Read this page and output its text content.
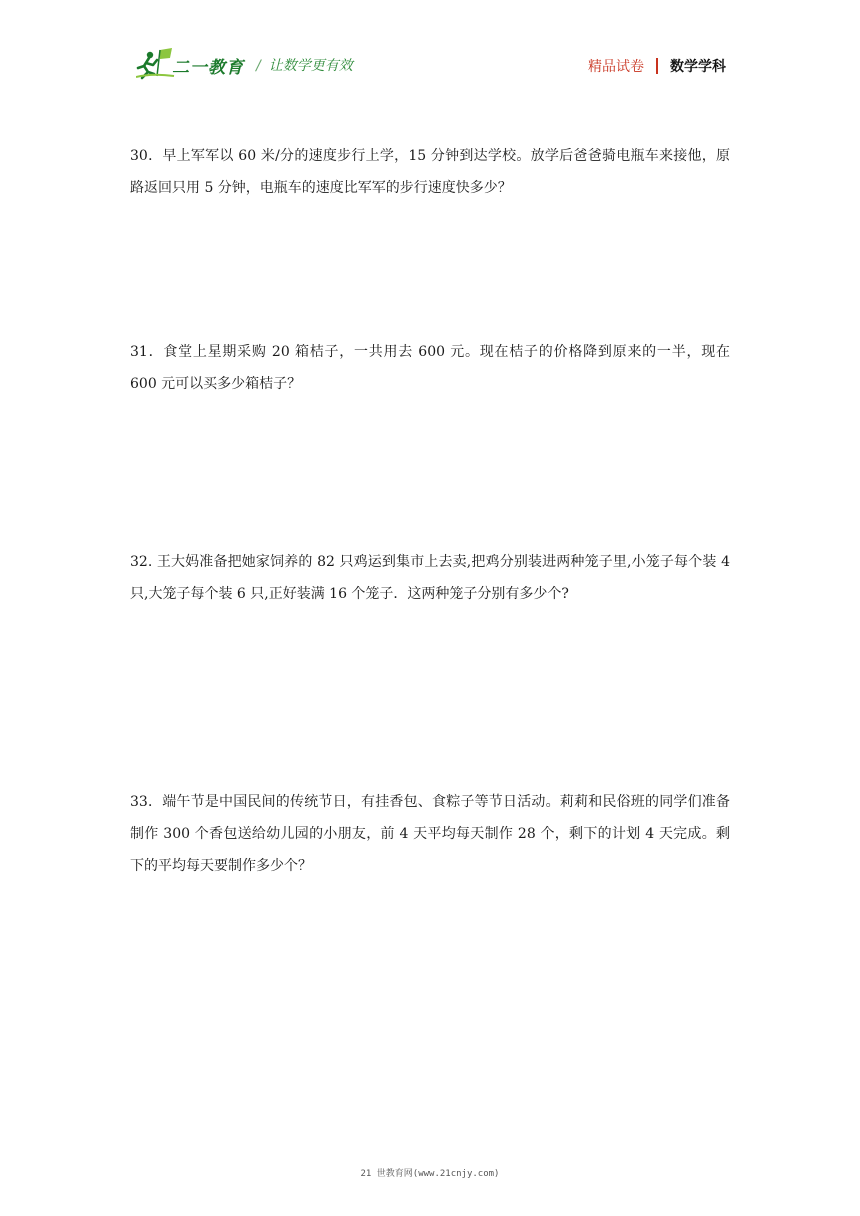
二一教育 / 让数学更有效	精品试卷 数学学科
30．早上军军以 60 米/分的速度步行上学，15 分钟到达学校。放学后爸爸骑电瓶车来接他，原路返回只用 5 分钟，电瓶车的速度比军军的步行速度快多少？
31．食堂上星期采购 20 箱桔子，一共用去 600 元。现在桔子的价格降到原来的一半，现在 600 元可以买多少箱桔子？
32. 王大妈准备把她家饲养的 82 只鸡运到集市上去卖,把鸡分别装进两种笼子里,小笼子每个装 4 只,大笼子每个装 6 只,正好装满 16 个笼子．这两种笼子分别有多少个?
33．端午节是中国民间的传统节日，有挂香包、食粽子等节日活动。莉莉和民俗班的同学们准备制作 300 个香包送给幼儿园的小朋友，前 4 天平均每天制作 28 个，剩下的计划 4 天完成。剩下的平均每天要制作多少个？
21 世教育网(www.21cnjy.com)
